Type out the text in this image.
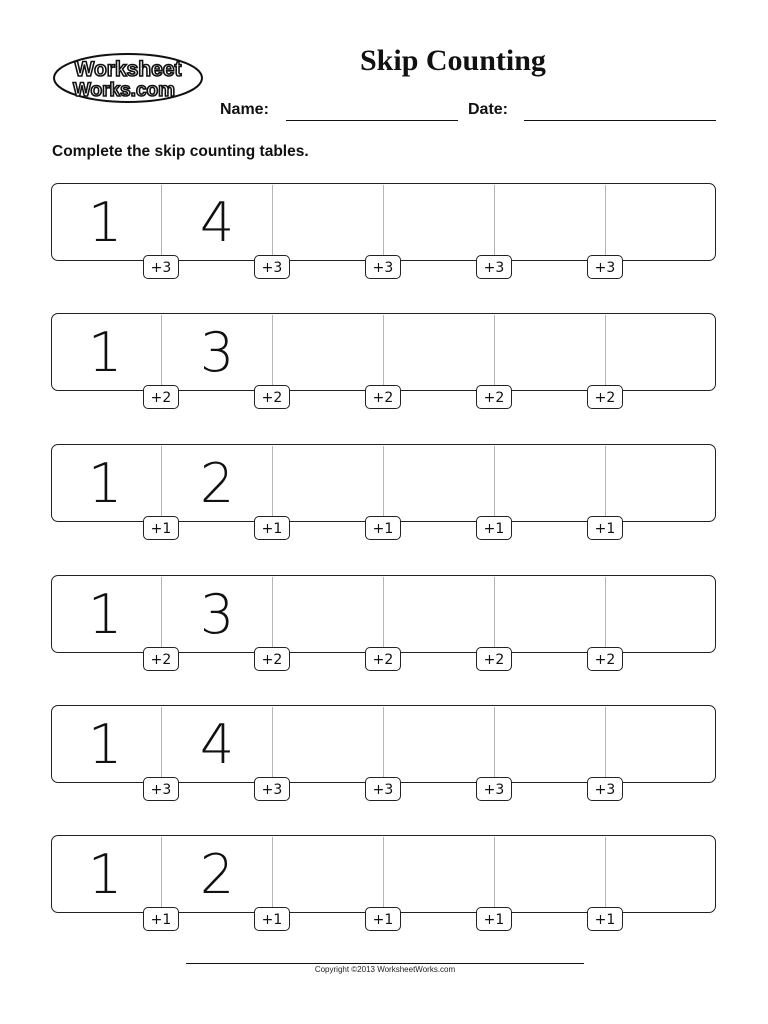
Worksheet
Works.com
Skip Counting
Name:	Date:
Complete the skip counting tables.
1	4
+3	+3	+3	+3	+3
1	3
+2	+2	+2	+2	+2
1	2
+1	+1	+1	+1	+1
1	3
+2	+2	+2	+2	+2
1	4
+3	+3	+3	+3	+3
1	2
+1	+1	+1	+1	+1
Copyright ©2013 WorksheetWorks.com
